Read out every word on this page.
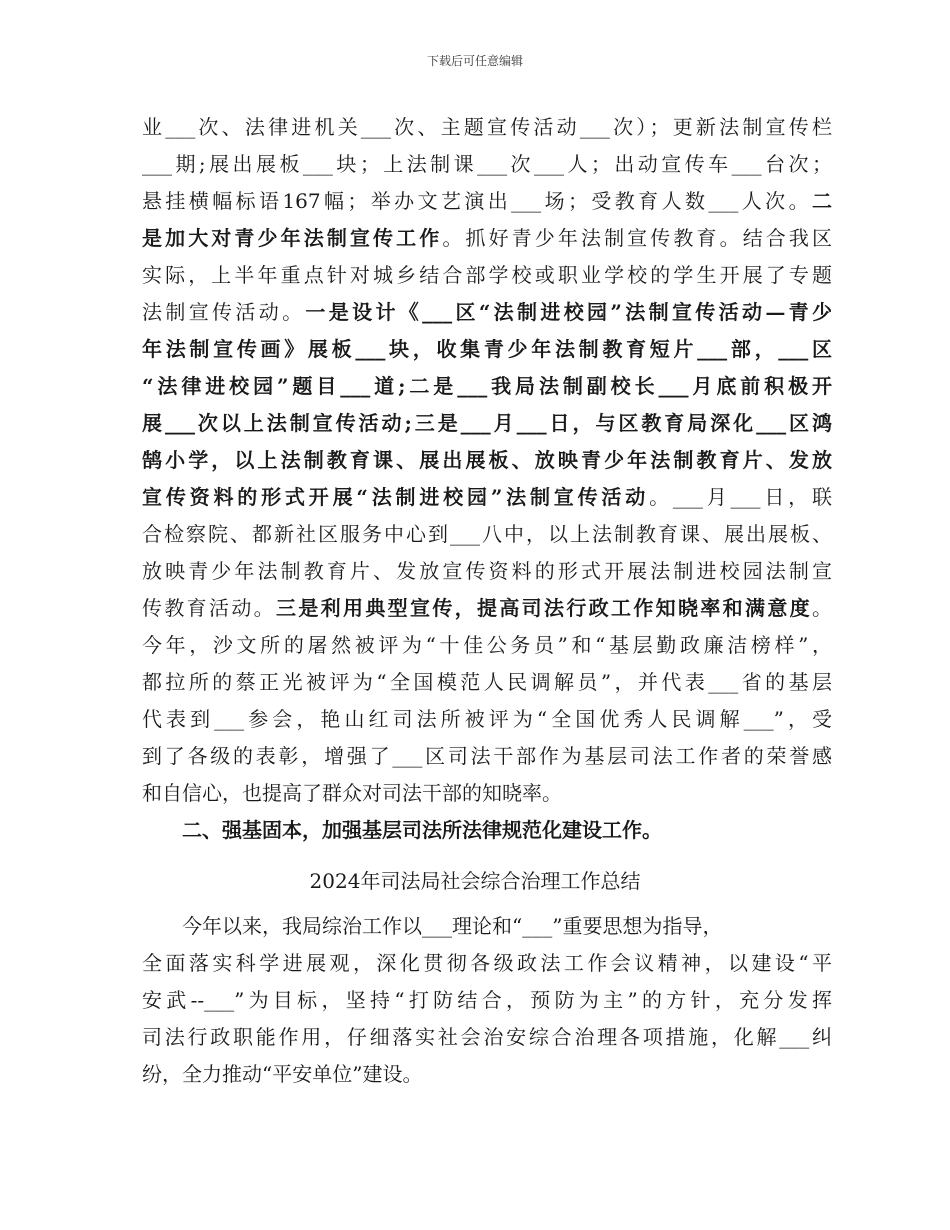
下载后可任意编辑
业___次、法律进机关___次、主题宣传活动___次）；更新法制宣传栏
___期;展出展板___块；上法制课___次___人；出动宣传车___台次；
悬挂横幅标语167幅；举办文艺演出___场；受教育人数___人次。二
是加大对青少年法制宣传工作。抓好青少年法制宣传教育。结合我区
实际，上半年重点针对城乡结合部学校或职业学校的学生开展了专题
法制宣传活动。一是设计《___区“法制进校园”法制宣传活动—青少
年法制宣传画》展板___块，收集青少年法制教育短片___部，___区
“法律进校园”题目___道;二是___我局法制副校长___月底前积极开
展___次以上法制宣传活动;三是___月___日，与区教育局深化___区鸿
鹄小学，以上法制教育课、展出展板、放映青少年法制教育片、发放
宣传资料的形式开展“法制进校园”法制宣传活动。___月___日，联
合检察院、都新社区服务中心到___八中，以上法制教育课、展出展板、
放映青少年法制教育片、发放宣传资料的形式开展法制进校园法制宣
传教育活动。三是利用典型宣传，提高司法行政工作知晓率和满意度。
今年，沙文所的屠然被评为“十佳公务员”和“基层勤政廉洁榜样”，
都拉所的蔡正光被评为“全国模范人民调解员”，并代表___省的基层
代表到___参会，艳山红司法所被评为“全国优秀人民调解___”，受
到了各级的表彰，增强了___区司法干部作为基层司法工作者的荣誉感
和自信心，也提高了群众对司法干部的知晓率。
二、强基固本，加强基层司法所法律规范化建设工作。
2024年司法局社会综合治理工作总结
今年以来，我局综治工作以___理论和“___”重要思想为指导，
全面落实科学进展观，深化贯彻各级政法工作会议精神，以建设“平
安武--___”为目标，坚持“打防结合，预防为主”的方针，充分发挥
司法行政职能作用，仔细落实社会治安综合治理各项措施，化解___纠
纷，全力推动“平安单位”建设。
